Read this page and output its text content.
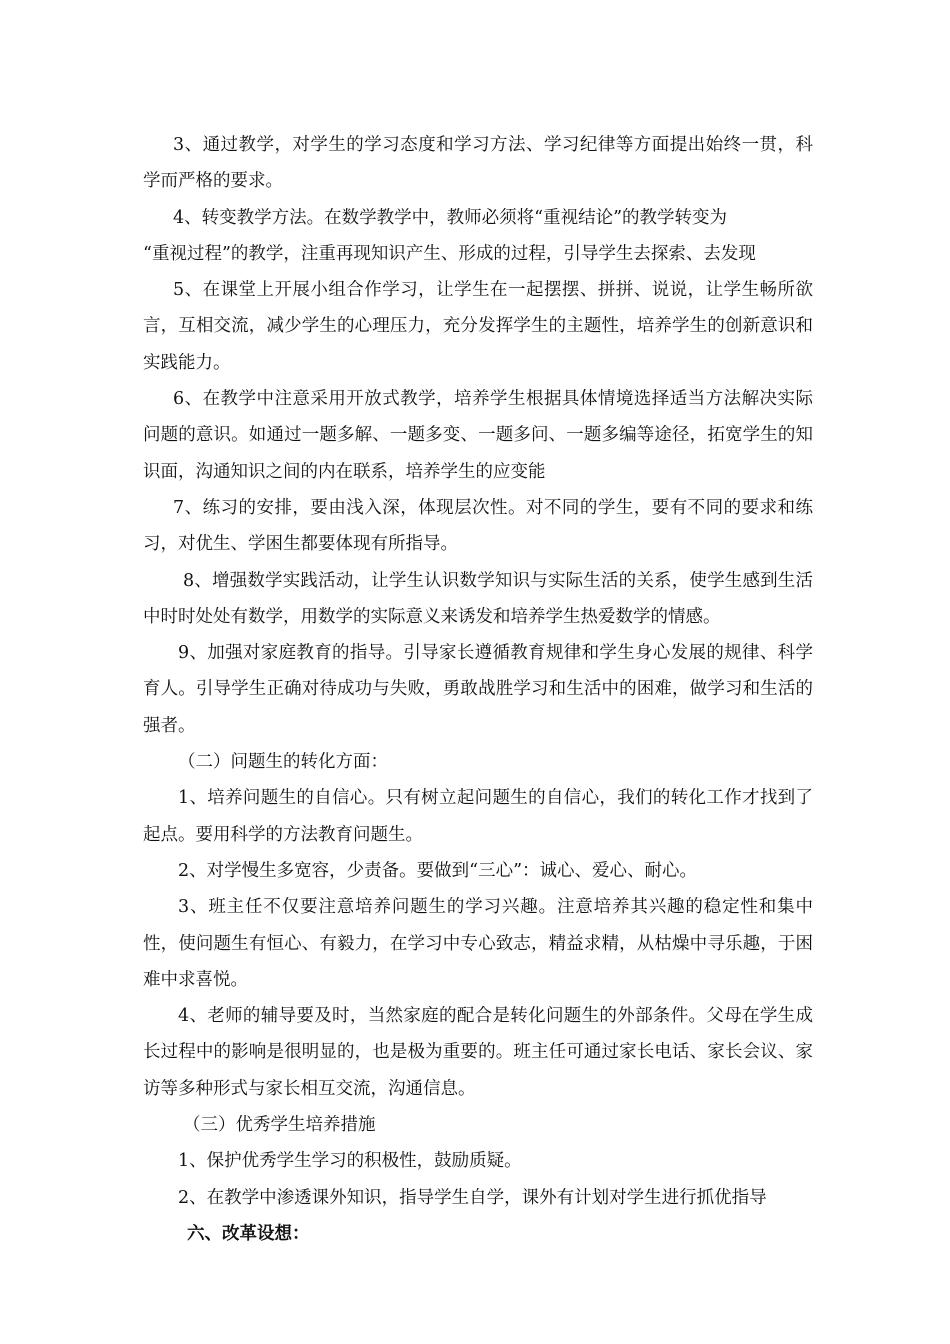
3、通过教学，对学生的学习态度和学习方法、学习纪律等方面提出始终一贯，科学而严格的要求。

4、转变教学方法。在数学教学中，教师必须将“重视结论”的教学转变为

“重视过程”的教学，注重再现知识产生、形成的过程，引导学生去探索、去发现

5、在课堂上开展小组合作学习，让学生在一起摆摆、拼拼、说说，让学生畅所欲言，互相交流，减少学生的心理压力，充分发挥学生的主题性，培养学生的创新意识和实践能力。

6、在教学中注意采用开放式教学，培养学生根据具体情境选择适当方法解决实际问题的意识。如通过一题多解、一题多变、一题多问、一题多编等途径，拓宽学生的知识面，沟通知识之间的内在联系，培养学生的应变能

7、练习的安排，要由浅入深，体现层次性。对不同的学生，要有不同的要求和练习，对优生、学困生都要体现有所指导。

8、增强数学实践活动，让学生认识数学知识与实际生活的关系，使学生感到生活中时时处处有数学，用数学的实际意义来诱发和培养学生热爱数学的情感。

9、加强对家庭教育的指导。引导家长遵循教育规律和学生身心发展的规律、科学育人。引导学生正确对待成功与失败，勇敢战胜学习和生活中的困难，做学习和生活的强者。

（二）问题生的转化方面：

1、培养问题生的自信心。只有树立起问题生的自信心，我们的转化工作才找到了起点。要用科学的方法教育问题生。

2、对学慢生多宽容，少责备。要做到“三心”：诚心、爱心、耐心。

3、班主任不仅要注意培养问题生的学习兴趣。注意培养其兴趣的稳定性和集中性，使问题生有恒心、有毅力，在学习中专心致志，精益求精，从枯燥中寻乐趣，于困难中求喜悦。

4、老师的辅导要及时，当然家庭的配合是转化问题生的外部条件。父母在学生成长过程中的影响是很明显的，也是极为重要的。班主任可通过家长电话、家长会议、家访等多种形式与家长相互交流，沟通信息。

（三）优秀学生培养措施

1、保护优秀学生学习的积极性，鼓励质疑。

2、在教学中渗透课外知识，指导学生自学，课外有计划对学生进行抓优指导

六、改革设想：
